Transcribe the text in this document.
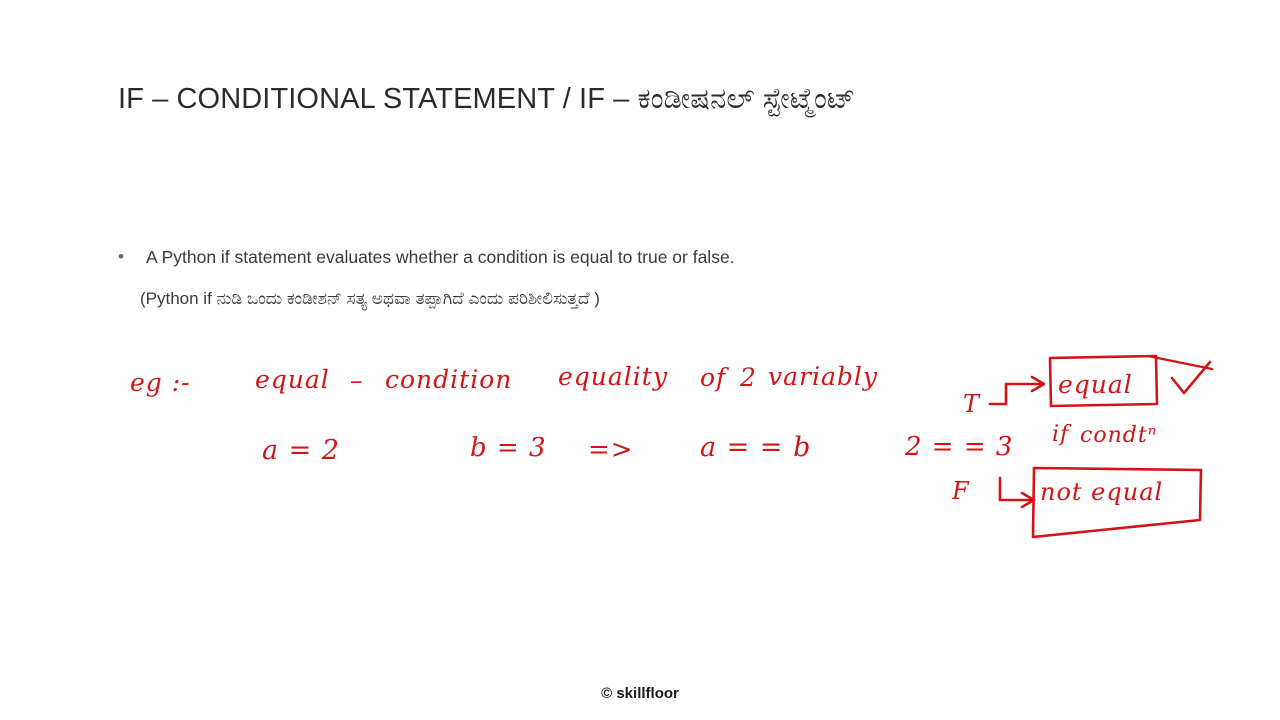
IF – CONDITIONAL STATEMENT / IF – ಕಂಡೀಷನಲ್ ಸ್ಟೇಟ್ಮೆಂಟ್
•	A Python if statement evaluates whether a condition is equal to true or false.
(Python if ನುಡಿ ಒಂದು ಕಂಡೀಶನ್ ಸತ್ಯ ಅಥವಾ ತಪ್ಪಾಗಿದೆ ಎಂದು ಪರಿಶೀಲಿಸುತ್ತದೆ )
eg :-	equal – condition equality of 2 variably
a = 2	b = 3 => a = = b	2 = = 3 if condtⁿ
T
equal
F	not equal
© skillfloor
